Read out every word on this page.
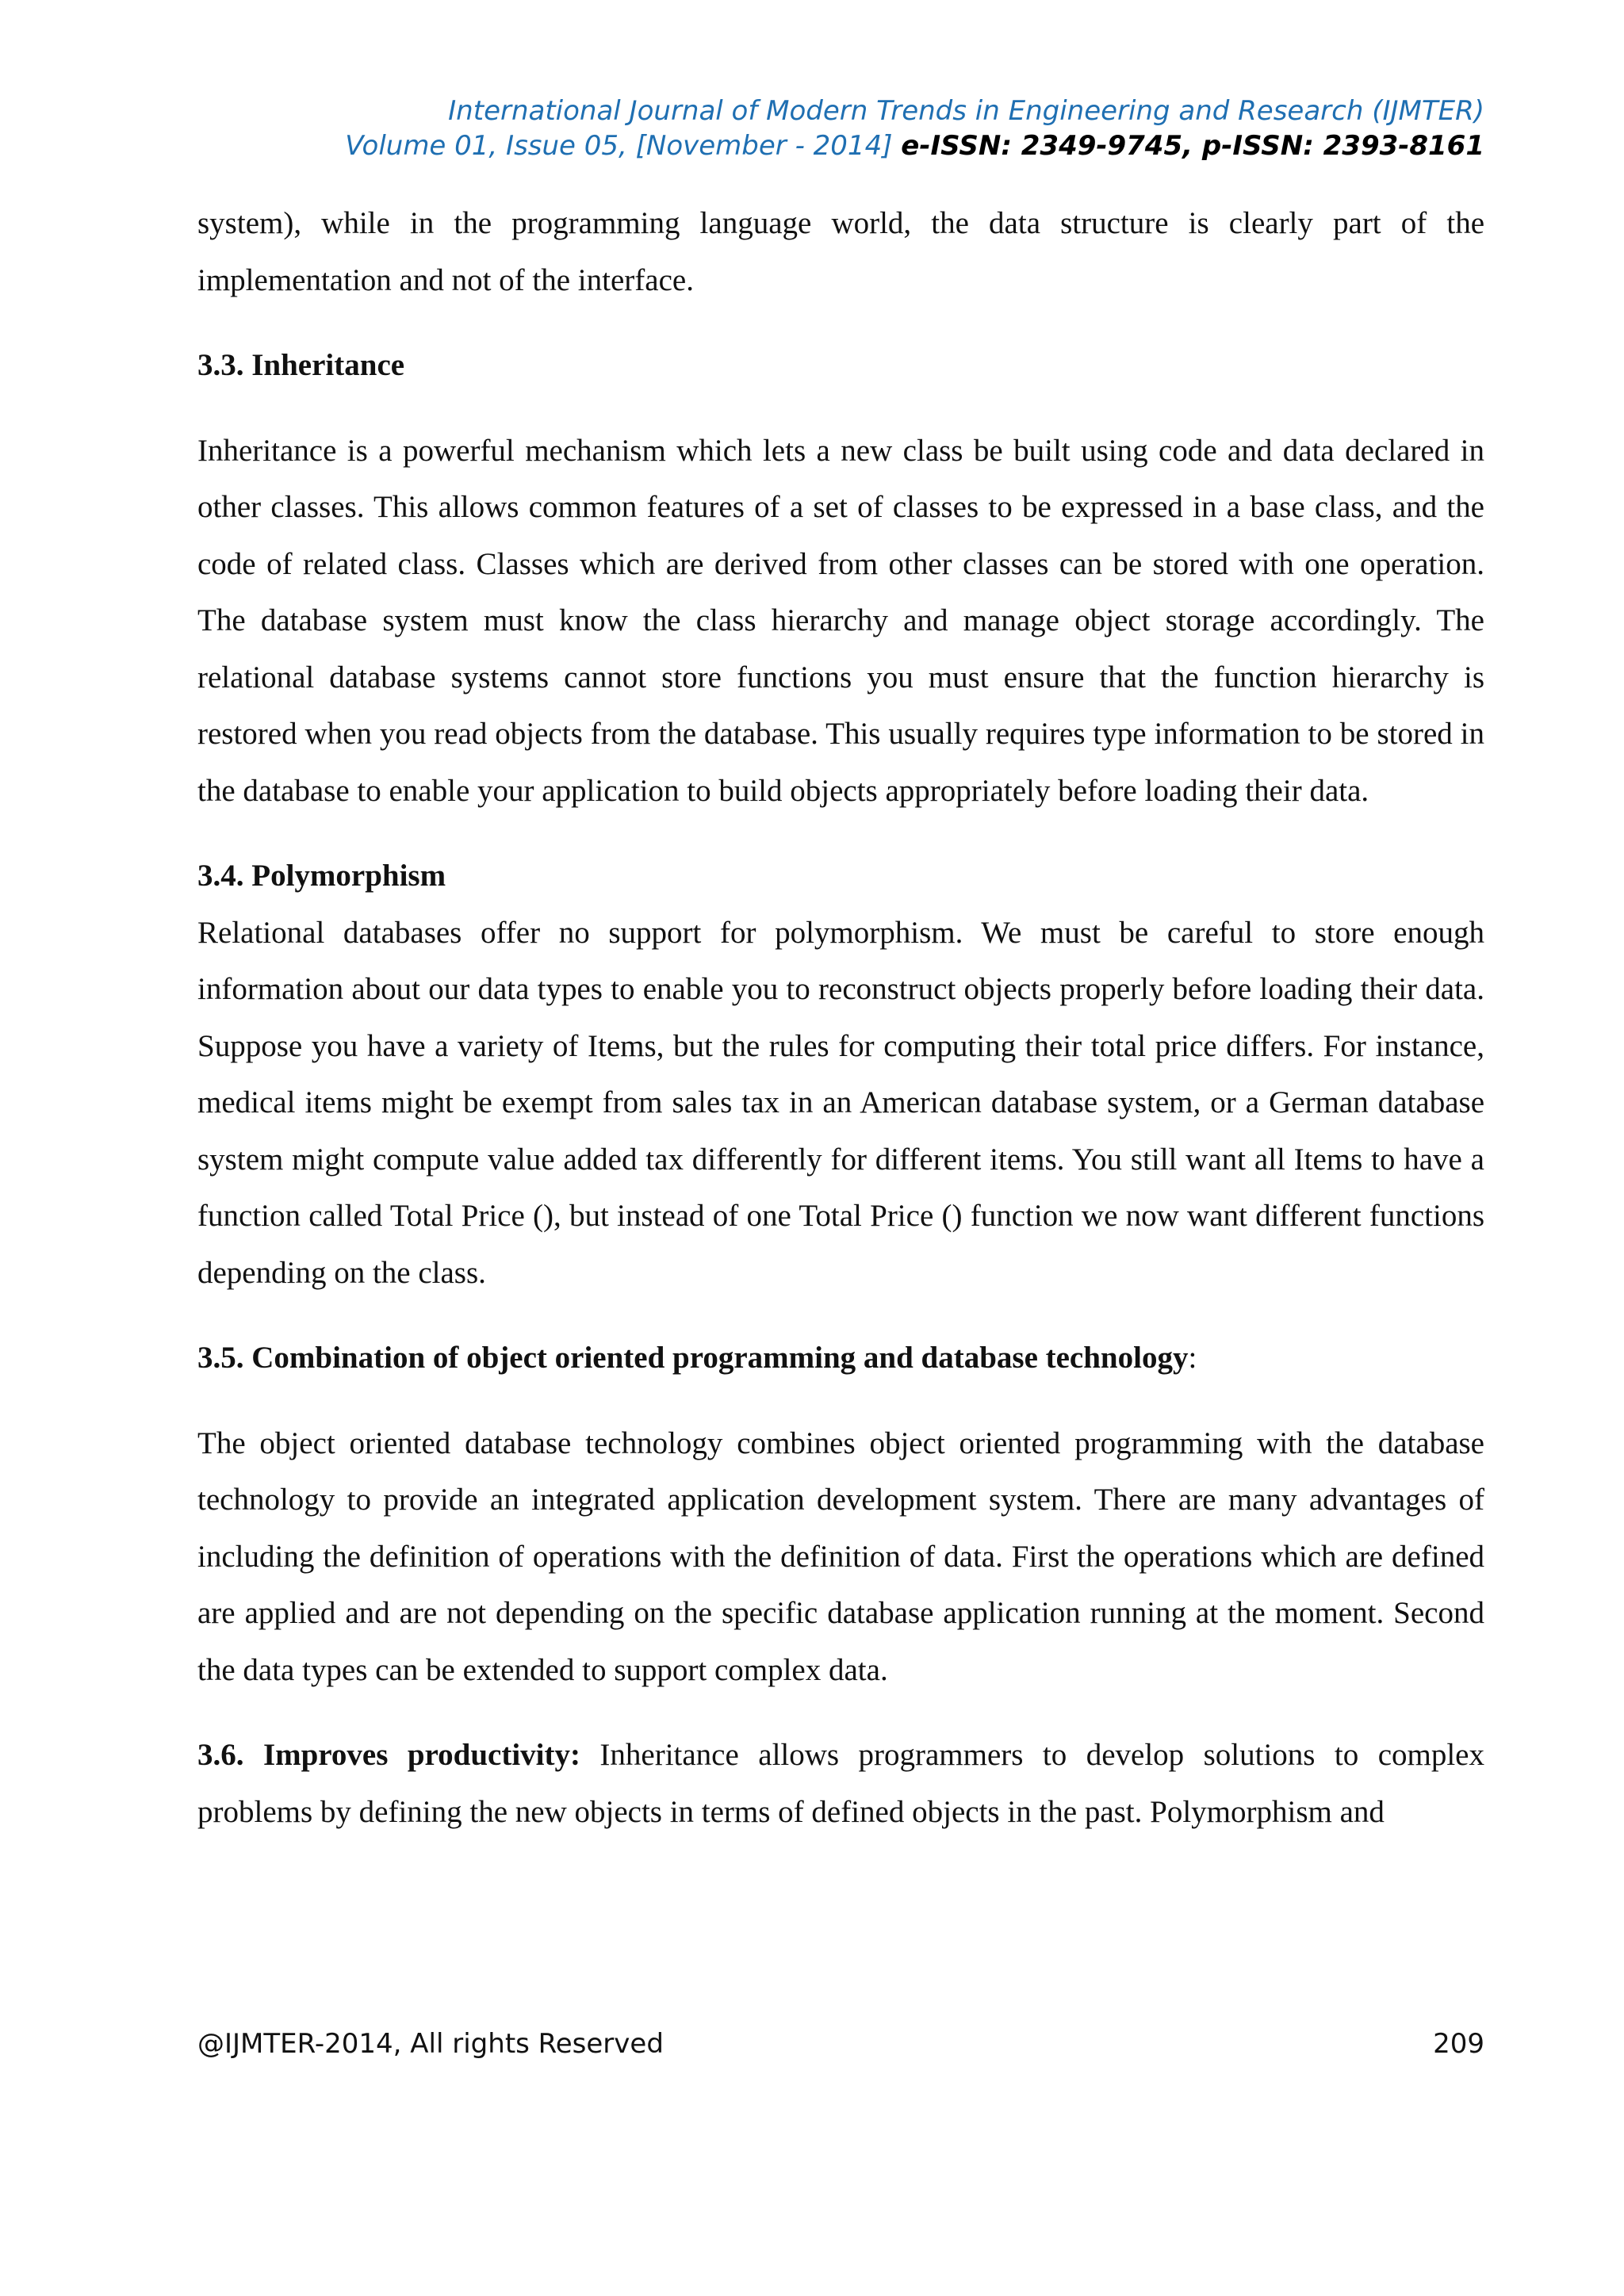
International Journal of Modern Trends in Engineering and Research (IJMTER)
Volume 01, Issue 05, [November - 2014] e-ISSN: 2349-9745, p-ISSN: 2393-8161

system), while in the programming language world, the data structure is clearly part of the implementation and not of the interface.

3.3. Inheritance

Inheritance is a powerful mechanism which lets a new class be built using code and data declared in other classes. This allows common features of a set of classes to be expressed in a base class, and the code of related class. Classes which are derived from other classes can be stored with one operation. The database system must know the class hierarchy and manage object storage accordingly. The relational database systems cannot store functions you must ensure that the function hierarchy is restored when you read objects from the database. This usually requires type information to be stored in the database to enable your application to build objects appropriately before loading their data.

3.4. Polymorphism

Relational databases offer no support for polymorphism. We must be careful to store enough information about our data types to enable you to reconstruct objects properly before loading their data. Suppose you have a variety of Items, but the rules for computing their total price differs. For instance, medical items might be exempt from sales tax in an American database system, or a German database system might compute value added tax differently for different items. You still want all Items to have a function called Total Price (), but instead of one Total Price () function we now want different functions depending on the class.

3.5. Combination of object oriented programming and database technology:

The object oriented database technology combines object oriented programming with the database technology to provide an integrated application development system. There are many advantages of including the definition of operations with the definition of data. First the operations which are defined are applied and are not depending on the specific database application running at the moment. Second the data types can be extended to support complex data.

3.6. Improves productivity: Inheritance allows programmers to develop solutions to complex problems by defining the new objects in terms of defined objects in the past. Polymorphism and

@IJMTER-2014, All rights Reserved	209
